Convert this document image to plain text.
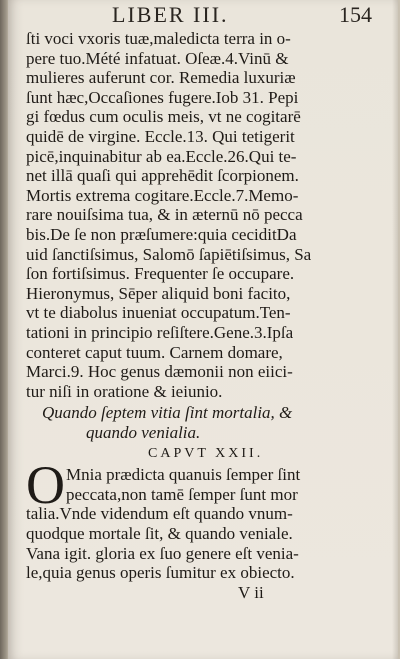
LIBER III.	154
ſti voci vxoris tuæ,maledicta terra in o-
pere tuo.Mété infatuat. Oſeæ.4.Vinū &
mulieres auferunt cor. Remedia luxuriæ
ſunt hæc,Occaſiones fugere.Iob 31. Pepi
gi fœdus cum oculis meis, vt ne cogitarē
quidē de virgine. Eccle.13. Qui tetigerit
picē,inquinabitur ab ea.Eccle.26.Qui te-
net illā quaſi qui apprehēdit ſcorpionem.
Mortis extrema cogitare.Eccle.7.Memo-
rare nouiſsima tua, & in æternū nō pecca
bis.De ſe non præſumere:quia ceciditDa
uid ſanctiſsimus, Salomō ſapiētiſsimus, Sa
ſon fortiſsimus. Frequenter ſe occupare.
Hieronymus, Sēper aliquid boni facito,
vt te diabolus inueniat occupatum.Ten-
tationi in principio reſiſtere.Gene.3.Ipſa
conteret caput tuum. Carnem domare,
Marci.9. Hoc genus dæmonii non eiici-
tur niſi in oratione & ieiunio.
Quando ſeptem vitia ſint mortalia, &
quando venialia.
CAPVT XXII.
O Mnia prædicta quanuis ſemper ſint
peccata,non tamē ſemper ſunt mor
talia.Vnde videndum eſt quando vnum-
quodque mortale ſit, & quando veniale.
Vana igit. gloria ex ſuo genere eſt venia-
le,quia genus operis ſumitur ex obiecto.
V ii
